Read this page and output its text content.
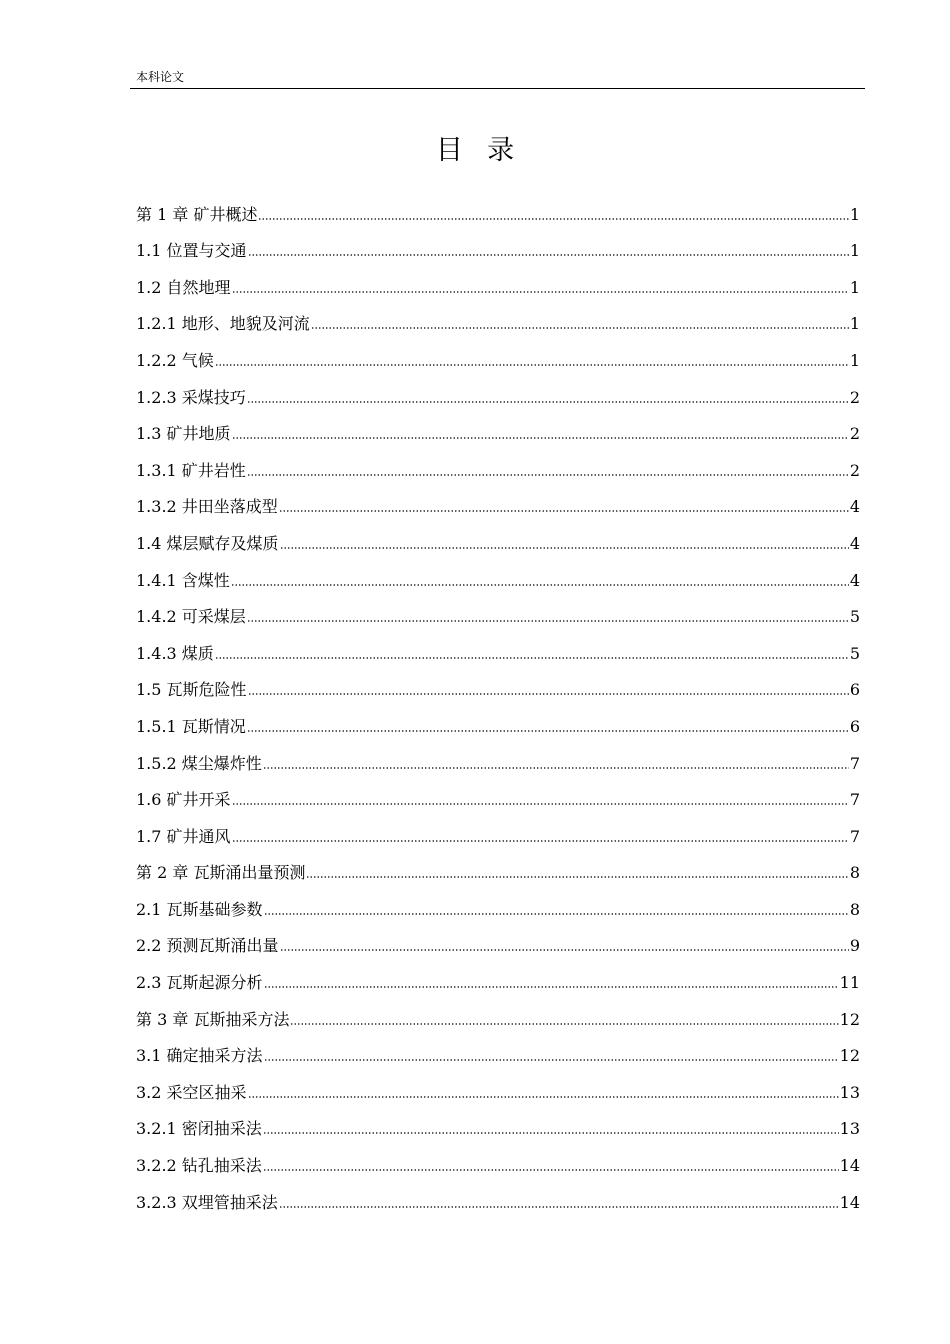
本科论文
目录
第 1 章 矿井概述	1
1.1 位置与交通	1
1.2 自然地理	1
1.2.1 地形、地貌及河流	1
1.2.2 气候	1
1.2.3 采煤技巧	2
1.3 矿井地质	2
1.3.1 矿井岩性	2
1.3.2 井田坐落成型	4
1.4 煤层赋存及煤质	4
1.4.1 含煤性	4
1.4.2 可采煤层	5
1.4.3 煤质	5
1.5 瓦斯危险性	6
1.5.1 瓦斯情况	6
1.5.2 煤尘爆炸性	7
1.6 矿井开采	7
1.7 矿井通风	7
第 2 章 瓦斯涌出量预测	8
2.1 瓦斯基础参数	8
2.2 预测瓦斯涌出量	9
2.3 瓦斯起源分析	11
第 3 章 瓦斯抽采方法	12
3.1 确定抽采方法	12
3.2 采空区抽采	13
3.2.1 密闭抽采法	13
3.2.2 钻孔抽采法	14
3.2.3 双埋管抽采法	14
